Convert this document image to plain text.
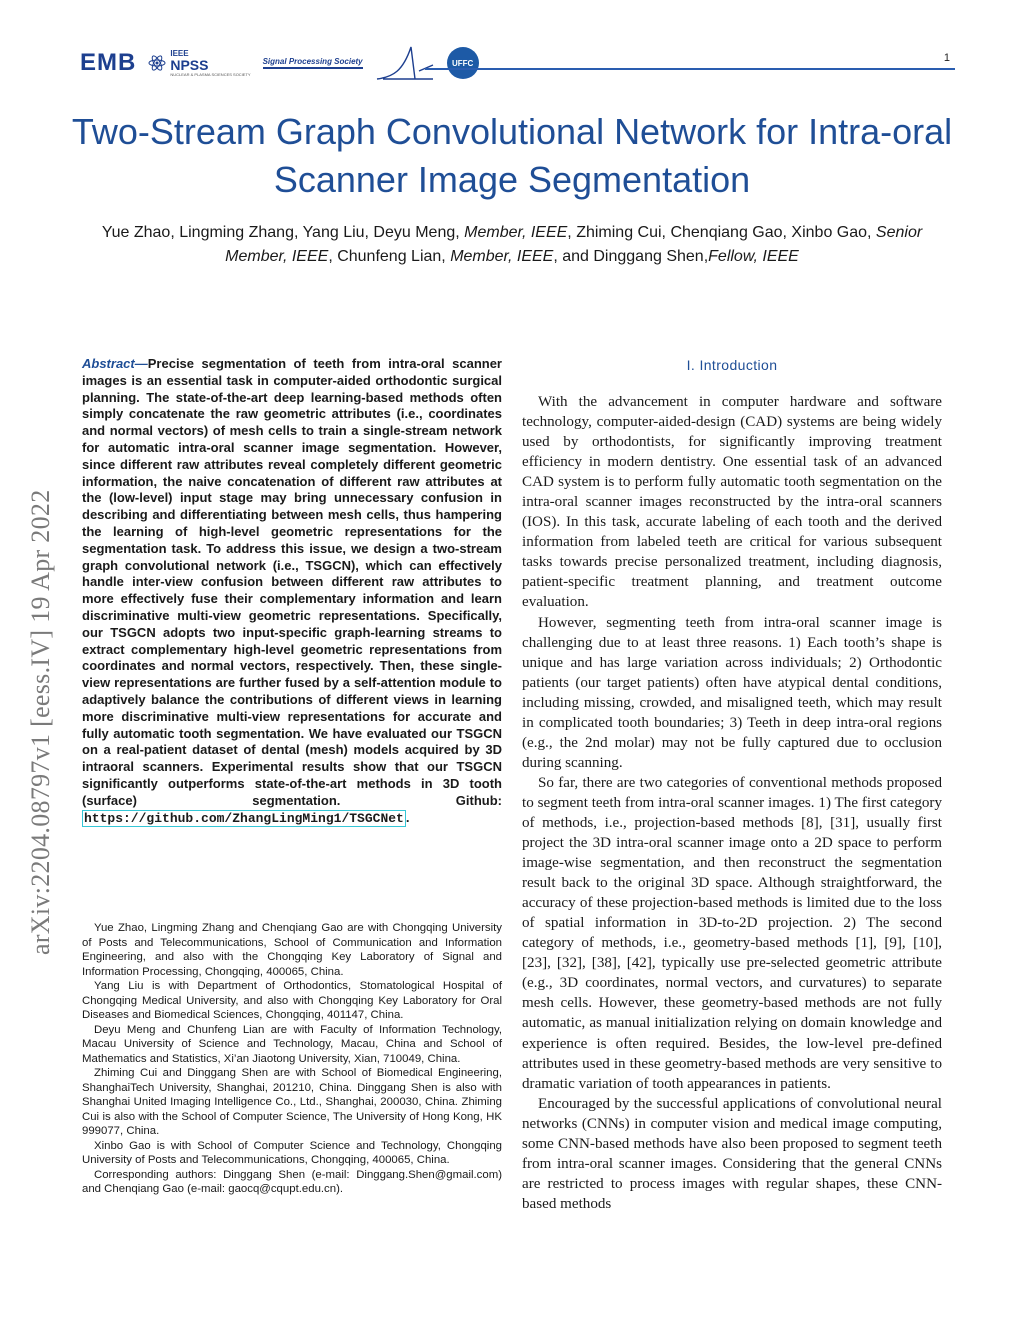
EMB	IEEE
NPSS
NUCLEAR & PLASMA SCIENCES SOCIETY
Signal Processing Society	UFFC	1
Two-Stream Graph Convolutional Network for Intra-oral Scanner Image Segmentation

Yue Zhao, Lingming Zhang, Yang Liu, Deyu Meng, Member, IEEE, Zhiming Cui, Chenqiang Gao, Xinbo Gao, Senior Member, IEEE, Chunfeng Lian, Member, IEEE, and Dinggang Shen,Fellow, IEEE

arXiv:2204.08797v1 [eess.IV] 19 Apr 2022

Abstract—Precise segmentation of teeth from intra-oral scanner images is an essential task in computer-aided orthodontic surgical planning. The state-of-the-art deep learning-based methods often simply concatenate the raw geometric attributes (i.e., coordinates and normal vectors) of mesh cells to train a single-stream network for automatic intra-oral scanner image segmentation. However, since different raw attributes reveal completely different geometric information, the naive concatenation of different raw attributes at the (low-level) input stage may bring unnecessary confusion in describing and differentiating between mesh cells, thus hampering the learning of high-level geometric representations for the segmentation task. To address this issue, we design a two-stream graph convolutional network (i.e., TSGCN), which can effectively handle inter-view confusion between different raw attributes to more effectively fuse their complementary information and learn discriminative multi-view geometric representations. Specifically, our TSGCN adopts two input-specific graph-learning streams to extract complementary high-level geometric representations from coordinates and normal vectors, respectively. Then, these single-view representations are further fused by a self-attention module to adaptively balance the contributions of different views in learning more discriminative multi-view representations for accurate and fully automatic tooth segmentation. We have evaluated our TSGCN on a real-patient dataset of dental (mesh) models acquired by 3D intraoral scanners. Experimental results show that our TSGCN significantly outperforms state-of-the-art methods in 3D tooth (surface) segmentation. Github: https://github.com/ZhangLingMing1/TSGCNet .

Yue Zhao, Lingming Zhang and Chenqiang Gao are with Chongqing University of Posts and Telecommunications, School of Communication and Information Engineering, and also with the Chongqing Key Laboratory of Signal and Information Processing, Chongqing, 400065, China.

Yang Liu is with Department of Orthodontics, Stomatological Hospital of Chongqing Medical University, and also with Chongqing Key Laboratory for Oral Diseases and Biomedical Sciences, Chongqing, 401147, China.

Deyu Meng and Chunfeng Lian are with Faculty of Information Technology, Macau University of Science and Technology, Macau, China and School of Mathematics and Statistics, Xi’an Jiaotong University, Xian, 710049, China.

Zhiming Cui and Dinggang Shen are with School of Biomedical Engineering, ShanghaiTech University, Shanghai, 201210, China. Dinggang Shen is also with Shanghai United Imaging Intelligence Co., Ltd., Shanghai, 200030, China. Zhiming Cui is also with the School of Computer Science, The University of Hong Kong, HK 999077, China.

Xinbo Gao is with School of Computer Science and Technology, Chongqing University of Posts and Telecommunications, Chongqing, 400065, China.

Corresponding authors: Dinggang Shen (e-mail: Dinggang.Shen@gmail.com) and Chenqiang Gao (e-mail: gaocq@cqupt.edu.cn).

I. Introduction

With the advancement in computer hardware and software technology, computer-aided-design (CAD) systems are being widely used by orthodontists, for significantly improving treatment efficiency in modern dentistry. One essential task of an advanced CAD system is to perform fully automatic tooth segmentation on the intra-oral scanner images reconstructed by the intra-oral scanners (IOS). In this task, accurate labeling of each tooth and the derived information from labeled teeth are critical for various subsequent tasks towards precise personalized treatment, including diagnosis, patient-specific treatment planning, and treatment outcome evaluation.

However, segmenting teeth from intra-oral scanner image is challenging due to at least three reasons. 1) Each tooth’s shape is unique and has large variation across individuals; 2) Orthodontic patients (our target patients) often have atypical dental conditions, including missing, crowded, and misaligned teeth, which may result in complicated tooth boundaries; 3) Teeth in deep intra-oral regions (e.g., the 2nd molar) may not be fully captured due to occlusion during scanning.

So far, there are two categories of conventional methods proposed to segment teeth from intra-oral scanner images. 1) The first category of methods, i.e., projection-based methods [8], [31], usually first project the 3D intra-oral scanner image onto a 2D space to perform image-wise segmentation, and then reconstruct the segmentation result back to the original 3D space. Although straightforward, the accuracy of these projection-based methods is limited due to the loss of spatial information in 3D-to-2D projection. 2) The second category of methods, i.e., geometry-based methods [1], [9], [10], [23], [32], [38], [42], typically use pre-selected geometric attribute (e.g., 3D coordinates, normal vectors, and curvatures) to separate mesh cells. However, these geometry-based methods are not fully automatic, as manual initialization relying on domain knowledge and experience is often required. Besides, the low-level pre-defined attributes used in these geometry-based methods are very sensitive to dramatic variation of tooth appearances in patients.

Encouraged by the successful applications of convolutional neural networks (CNNs) in computer vision and medical image computing, some CNN-based methods have also been proposed to segment teeth from intra-oral scanner images. Considering that the general CNNs are restricted to process images with regular shapes, these CNN-based methods
